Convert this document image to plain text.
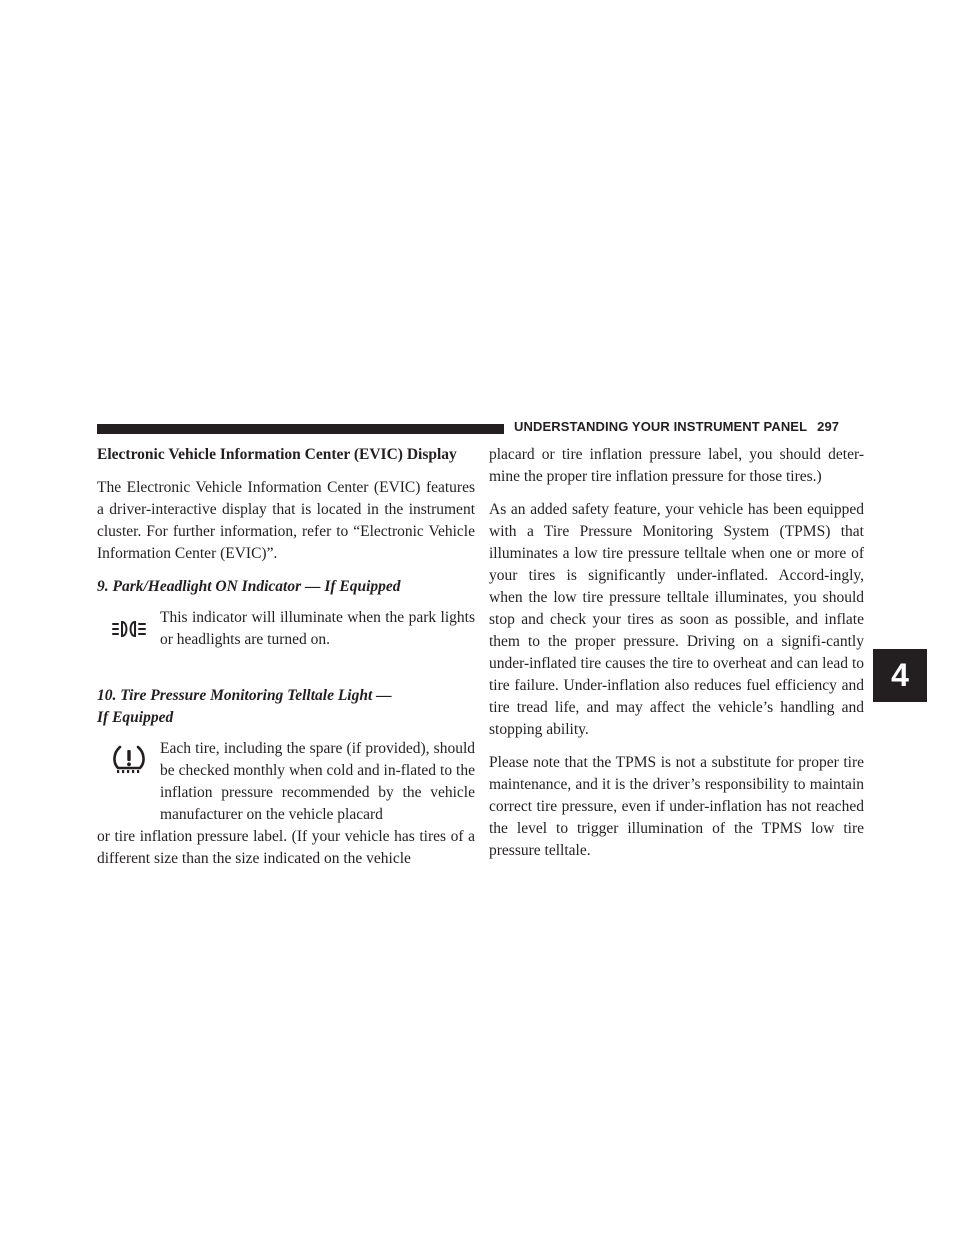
UNDERSTANDING YOUR INSTRUMENT PANEL 297
4

Electronic Vehicle Information Center (EVIC) Display

The Electronic Vehicle Information Center (EVIC) features a driver-interactive display that is located in the instrument cluster. For further information, refer to “Electronic Vehicle Information Center (EVIC)”.

9. Park/Headlight ON Indicator — If Equipped

This indicator will illuminate when the park lights or headlights are turned on.

10. Tire Pressure Monitoring Telltale Light —

If Equipped

Each tire, including the spare (if provided), should be checked monthly when cold and in-flated to the inflation pressure recommended by the vehicle manufacturer on the vehicle placard

or tire inflation pressure label. (If your vehicle has tires of a different size than the size indicated on the vehicle

placard or tire inflation pressure label, you should deter-mine the proper tire inflation pressure for those tires.)

As an added safety feature, your vehicle has been equipped with a Tire Pressure Monitoring System (TPMS) that illuminates a low tire pressure telltale when one or more of your tires is significantly under-inflated. Accord-ingly, when the low tire pressure telltale illuminates, you should stop and check your tires as soon as possible, and inflate them to the proper pressure. Driving on a signifi-cantly under-inflated tire causes the tire to overheat and can lead to tire failure. Under-inflation also reduces fuel efficiency and tire tread life, and may affect the vehicle’s handling and stopping ability.

Please note that the TPMS is not a substitute for proper tire maintenance, and it is the driver’s responsibility to maintain correct tire pressure, even if under-inflation has not reached the level to trigger illumination of the TPMS low tire pressure telltale.
